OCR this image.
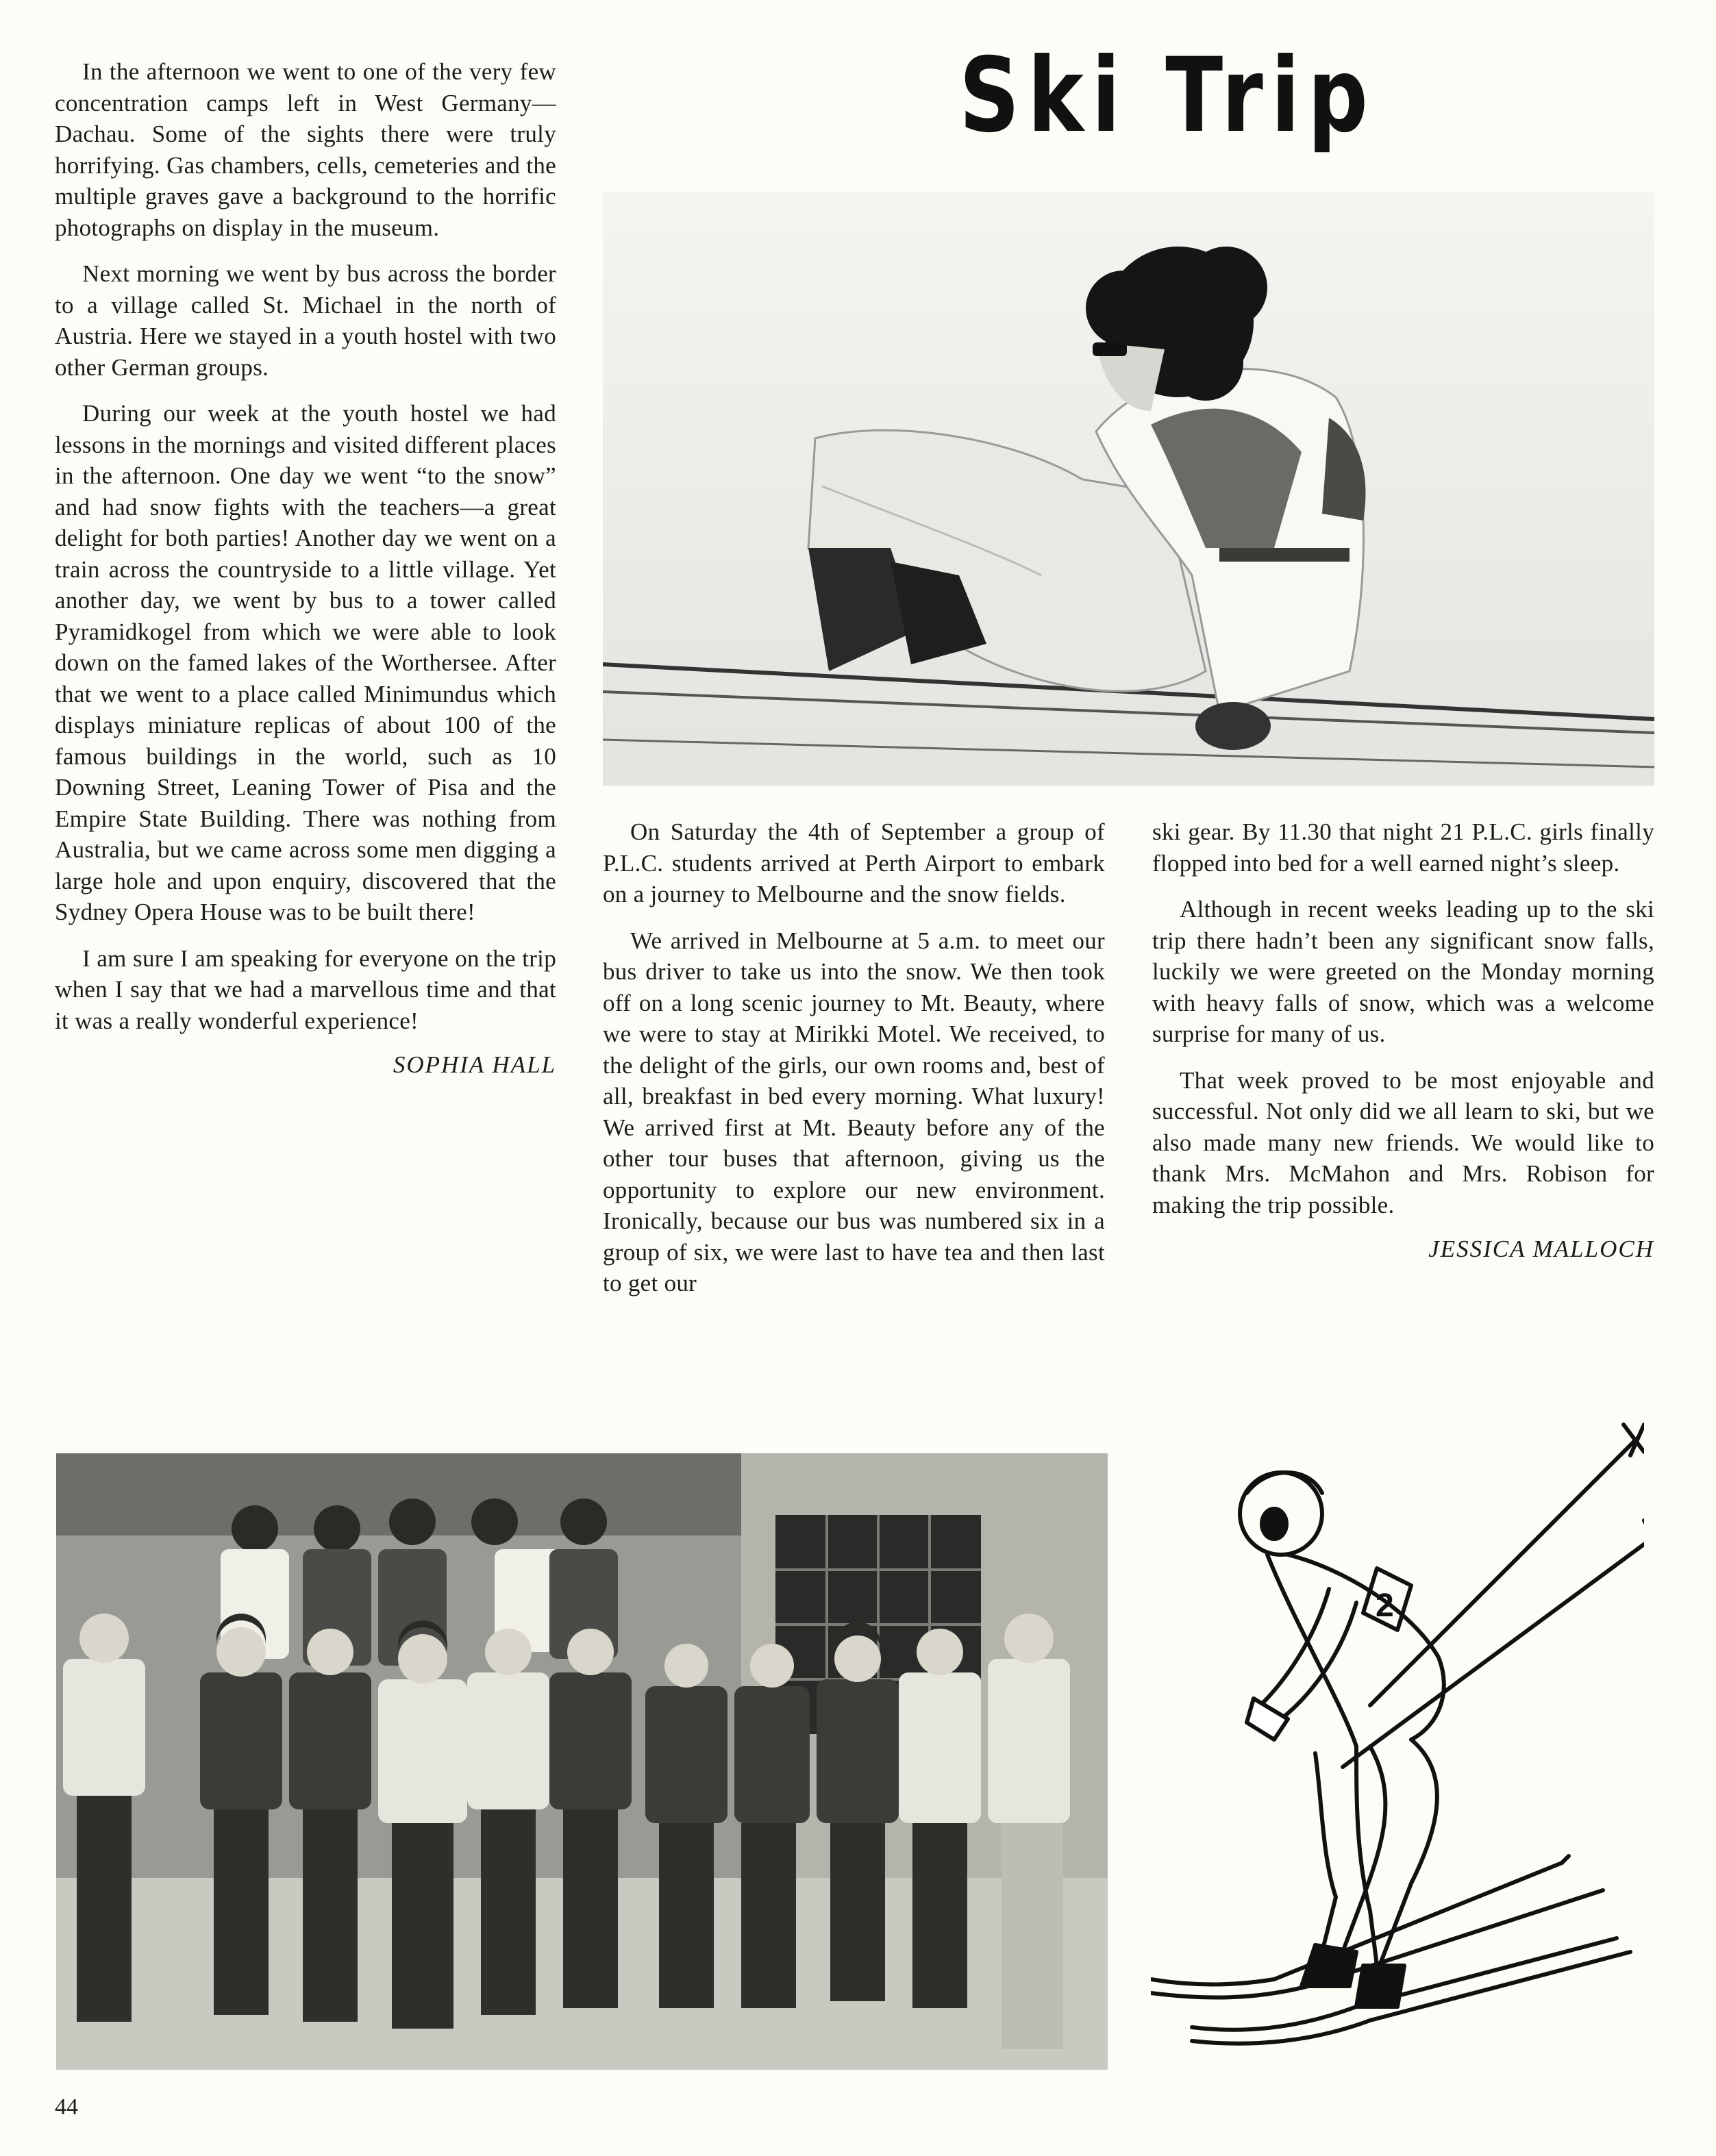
In the afternoon we went to one of the very few concentration camps left in West Germany—Dachau. Some of the sights there were truly horrifying. Gas chambers, cells, cemeteries and the multiple graves gave a background to the horrific photographs on display in the museum.

Next morning we went by bus across the border to a village called St. Michael in the north of Austria. Here we stayed in a youth hostel with two other German groups.

During our week at the youth hostel we had lessons in the mornings and visited different places in the afternoon. One day we went “to the snow” and had snow fights with the teachers—a great delight for both parties! Another day we went on a train across the countryside to a little village. Yet another day, we went by bus to a tower called Pyramidkogel from which we were able to look down on the famed lakes of the Worthersee. After that we went to a place called Minimundus which displays miniature replicas of about 100 of the famous buildings in the world, such as 10 Downing Street, Leaning Tower of Pisa and the Empire State Building. There was nothing from Australia, but we came across some men digging a large hole and upon enquiry, discovered that the Sydney Opera House was to be built there!

I am sure I am speaking for everyone on the trip when I say that we had a marvellous time and that it was a really wonderful experience!

SOPHIA HALL
Ski Trip

On Saturday the 4th of September a group of P.L.C. students arrived at Perth Airport to embark on a journey to Melbourne and the snow fields.

We arrived in Melbourne at 5 a.m. to meet our bus driver to take us into the snow. We then took off on a long scenic journey to Mt. Beauty, where we were to stay at Mirikki Motel. We received, to the delight of the girls, our own rooms and, best of all, breakfast in bed every morning. What luxury! We arrived first at Mt. Beauty before any of the other tour buses that afternoon, giving us the opportunity to explore our new environment. Ironically, because our bus was numbered six in a group of six, we were last to have tea and then last to get our

ski gear. By 11.30 that night 21 P.L.C. girls finally flopped into bed for a well earned night’s sleep.

Although in recent weeks leading up to the ski trip there hadn’t been any significant snow falls, luckily we were greeted on the Monday morning with heavy falls of snow, which was a welcome surprise for many of us.

That week proved to be most enjoyable and successful. Not only did we all learn to ski, but we also made many new friends. We would like to thank Mrs. McMahon and Mrs. Robison for making the trip possible.

JESSICA MALLOCH
2
44
